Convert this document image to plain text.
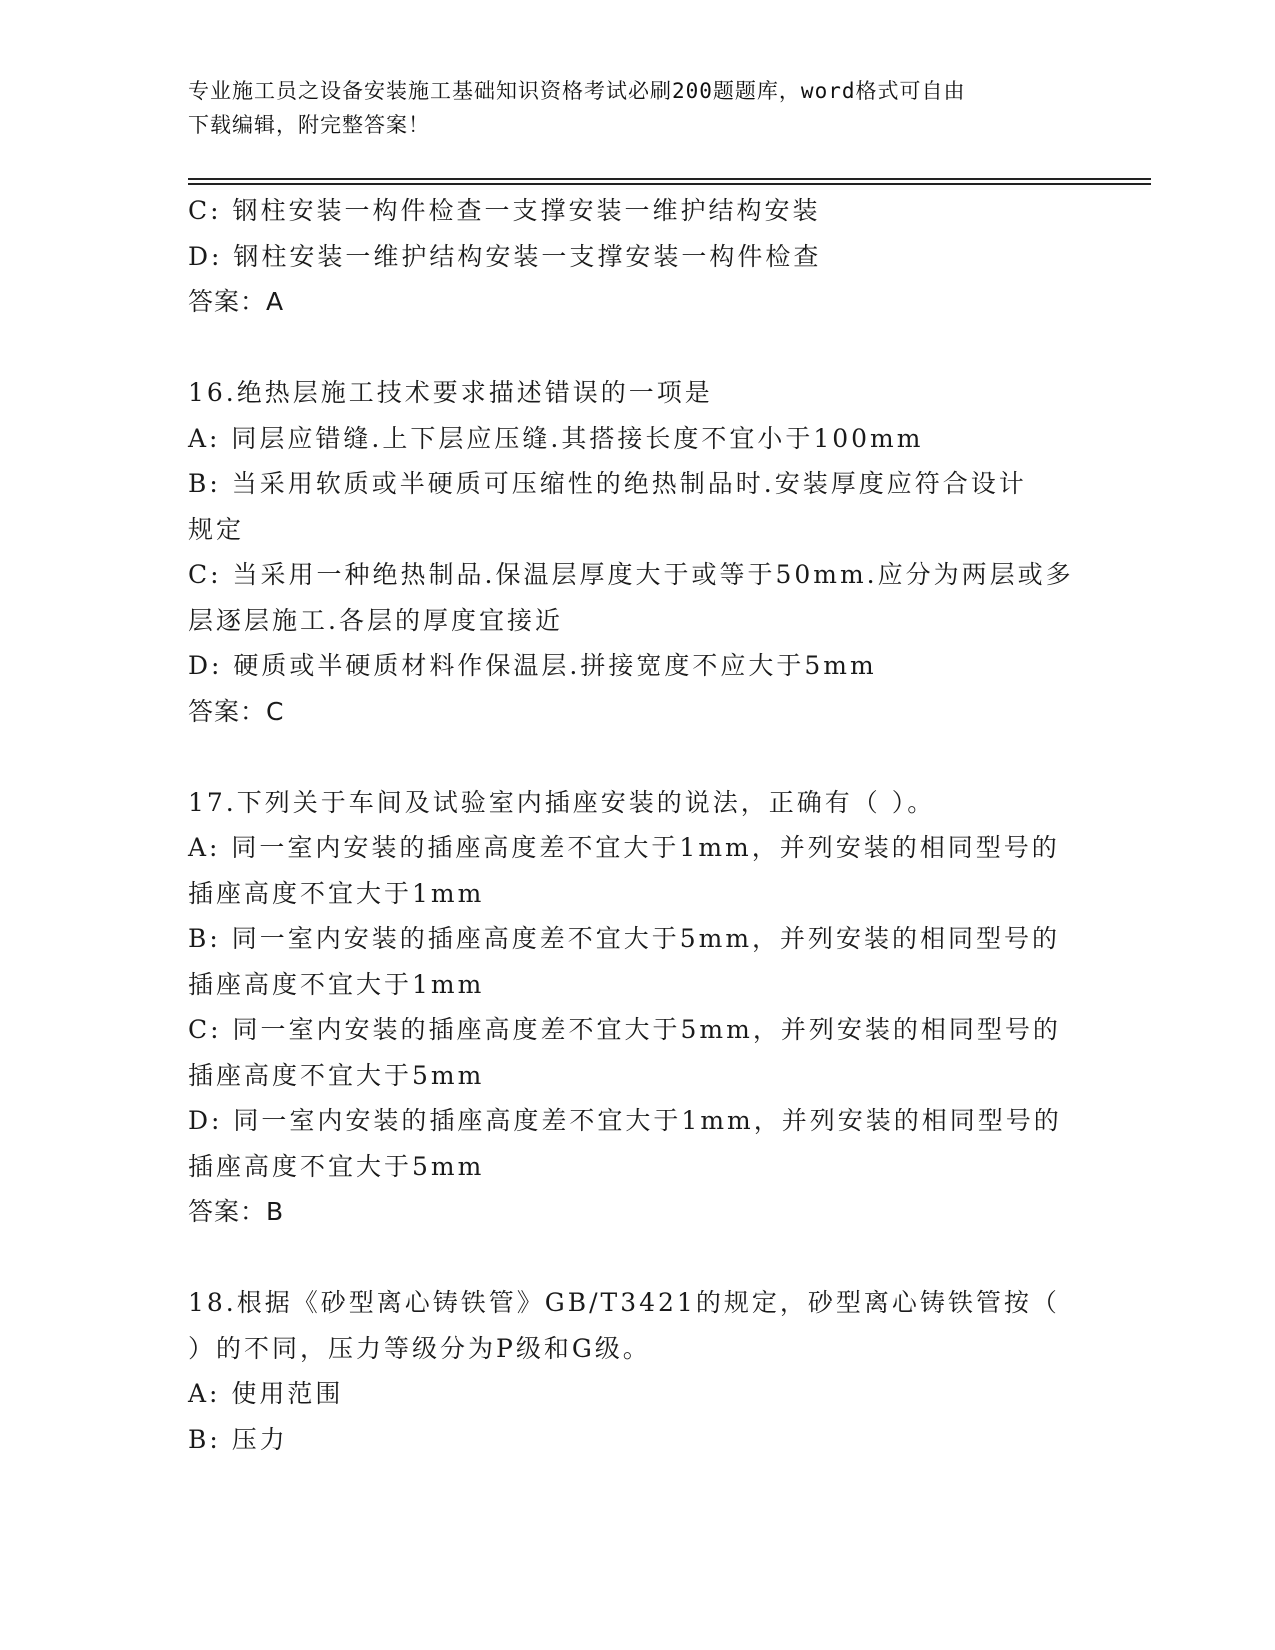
专业施工员之设备安装施工基础知识资格考试必刷200题题库，word格式可自由
下载编辑，附完整答案！
C: 钢柱安装一构件检查一支撑安装一维护结构安装
D: 钢柱安装一维护结构安装一支撑安装一构件检查
答案：A
16.绝热层施工技术要求描述错误的一项是
A: 同层应错缝.上下层应压缝.其搭接长度不宜小于100mm
B: 当采用软质或半硬质可压缩性的绝热制品时.安装厚度应符合设计
规定
C: 当采用一种绝热制品.保温层厚度大于或等于50mm.应分为两层或多
层逐层施工.各层的厚度宜接近
D: 硬质或半硬质材料作保温层.拼接宽度不应大于5mm
答案：C
17.下列关于车间及试验室内插座安装的说法，正确有（ ）。
A: 同一室内安装的插座高度差不宜大于1mm，并列安装的相同型号的
插座高度不宜大于1mm
B: 同一室内安装的插座高度差不宜大于5mm，并列安装的相同型号的
插座高度不宜大于1mm
C: 同一室内安装的插座高度差不宜大于5mm，并列安装的相同型号的
插座高度不宜大于5mm
D: 同一室内安装的插座高度差不宜大于1mm，并列安装的相同型号的
插座高度不宜大于5mm
答案：B
18.根据《砂型离心铸铁管》GB/T3421的规定，砂型离心铸铁管按（
）的不同，压力等级分为P级和G级。
A: 使用范围
B: 压力
